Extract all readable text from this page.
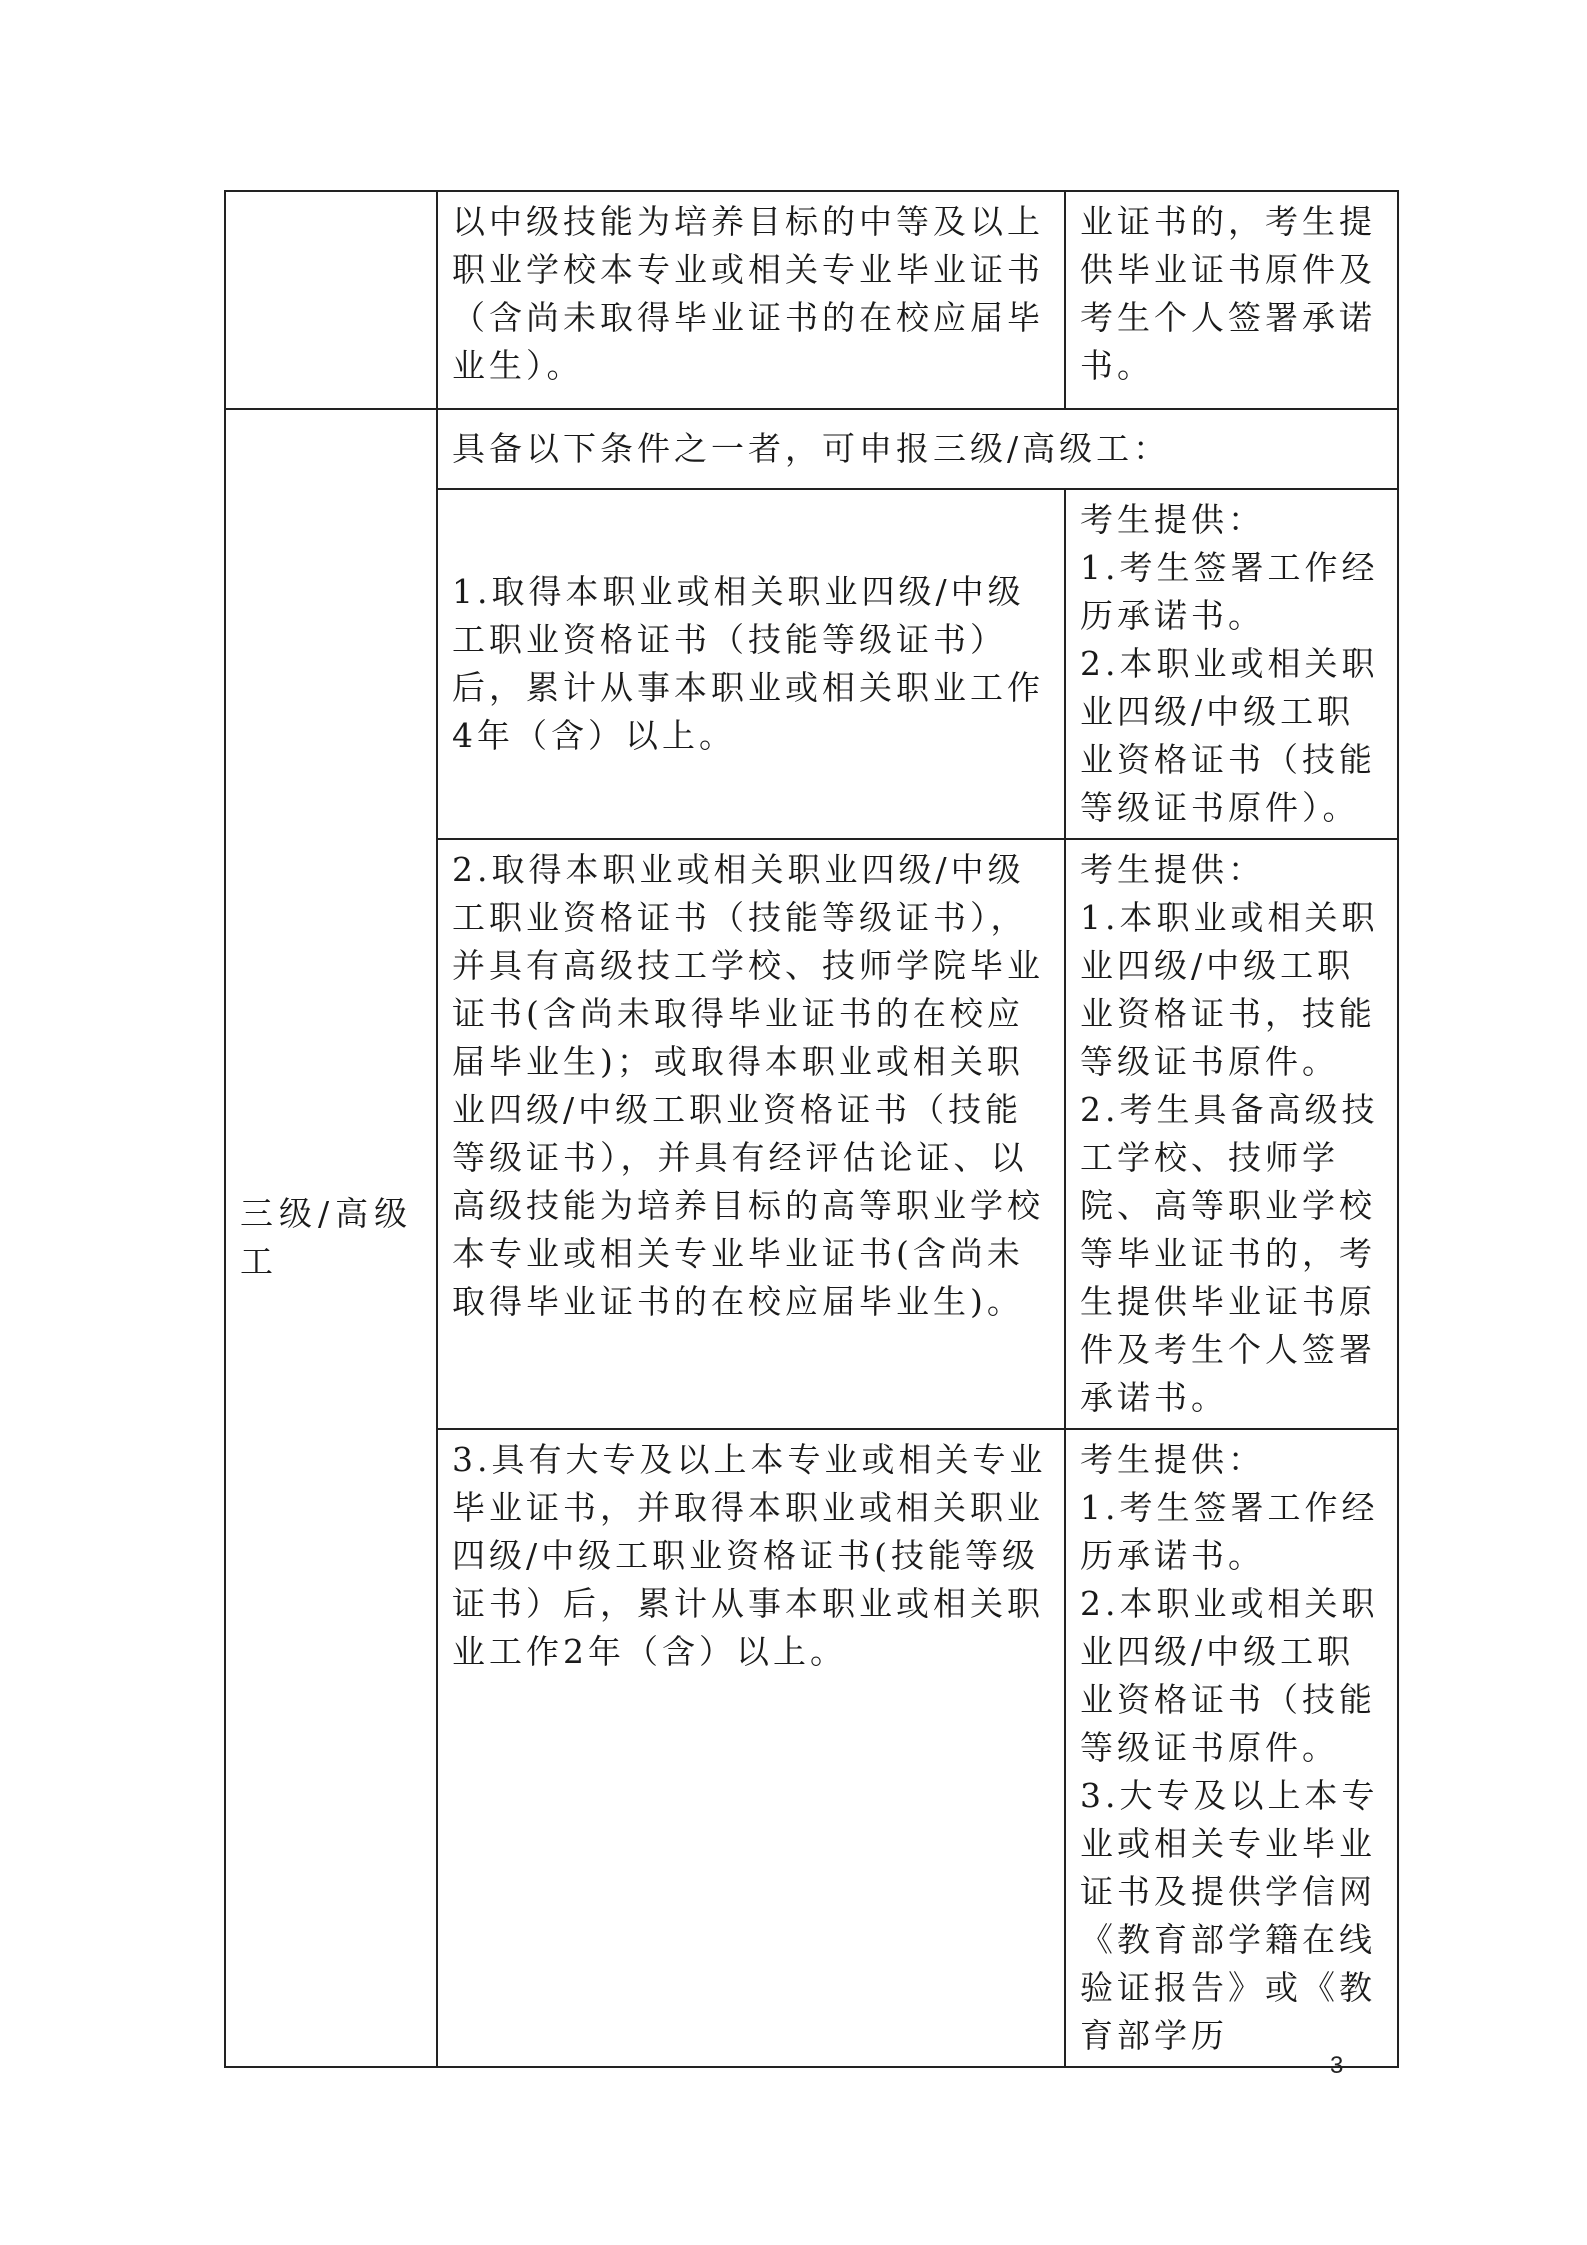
	以中级技能为培养目标的中等及以上职业学校本专业或相关专业毕业证书（含尚未取得毕业证书的在校应届毕业生）。	业证书的，考生提供毕业证书原件及考生个人签署承诺书。
三级/高级工	具备以下条件之一者，可申报三级/高级工：	
	1.取得本职业或相关职业四级/中级工职业资格证书（技能等级证书）后，累计从事本职业或相关职业工作4年（含）以上。	考生提供：
1.考生签署工作经历承诺书。
2.本职业或相关职业四级/中级工职业资格证书（技能等级证书原件）。

	2.取得本职业或相关职业四级/中级工职业资格证书（技能等级证书），并具有高级技工学校、技师学院毕业证书(含尚未取得毕业证书的在校应届毕业生)；或取得本职业或相关职业四级/中级工职业资格证书（技能等级证书），并具有经评估论证、以高级技能为培养目标的高等职业学校本专业或相关专业毕业证书(含尚未取得毕业证书的在校应届毕业生)。	考生提供：
1.本职业或相关职业四级/中级工职业资格证书，技能等级证书原件。
2.考生具备高级技工学校、技师学院、高等职业学校等毕业证书的，考生提供毕业证书原件及考生个人签署承诺书。

	3.具有大专及以上本专业或相关专业毕业证书，并取得本职业或相关职业四级/中级工职业资格证书(技能等级证书）后，累计从事本职业或相关职业工作2年（含）以上。	考生提供：
1.考生签署工作经历承诺书。
2.本职业或相关职业四级/中级工职业资格证书（技能等级证书原件。
3.大专及以上本专业或相关专业毕业证书及提供学信网《教育部学籍在线验证报告》或《教育部学历
3
